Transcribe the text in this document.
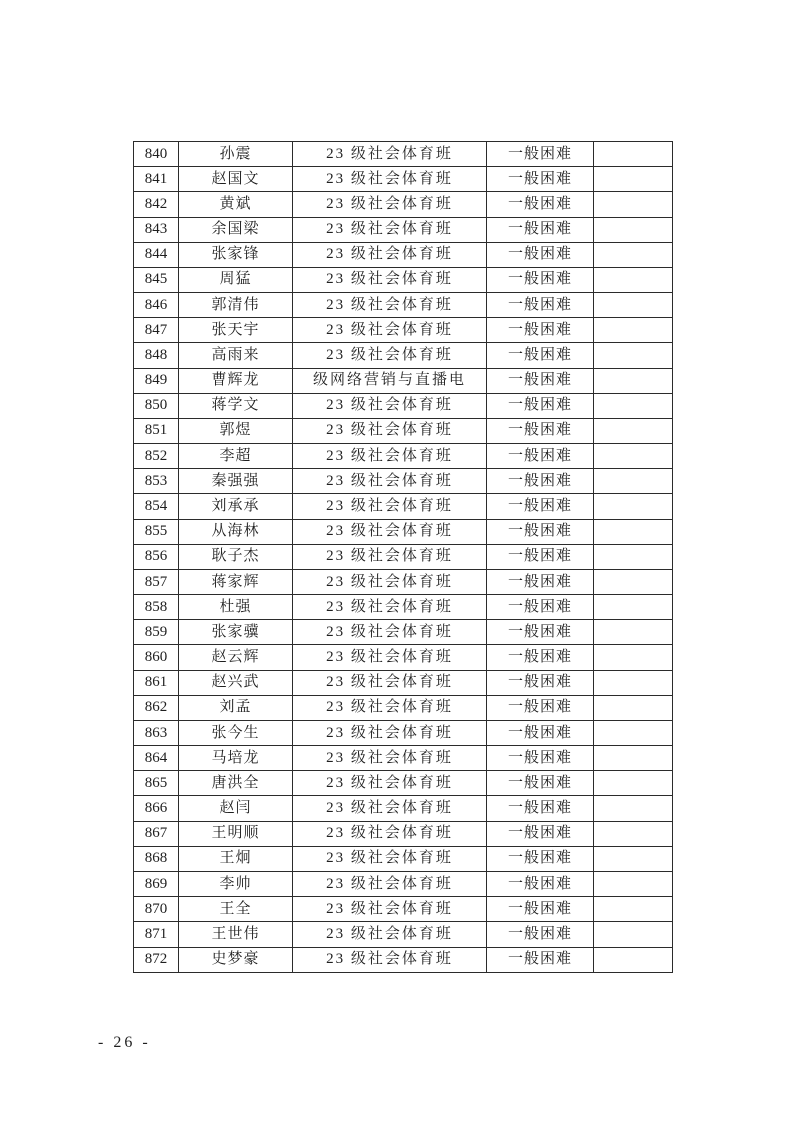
840	孙震	23 级社会体育班	一般困难	
841	赵国文	23 级社会体育班	一般困难	
842	黄斌	23 级社会体育班	一般困难	
843	余国梁	23 级社会体育班	一般困难	
844	张家锋	23 级社会体育班	一般困难	
845	周猛	23 级社会体育班	一般困难	
846	郭清伟	23 级社会体育班	一般困难	
847	张天宇	23 级社会体育班	一般困难	
848	高雨来	23 级社会体育班	一般困难	
849	曹辉龙	级网络营销与直播电	一般困难	
850	蒋学文	23 级社会体育班	一般困难	
851	郭煜	23 级社会体育班	一般困难	
852	李超	23 级社会体育班	一般困难	
853	秦强强	23 级社会体育班	一般困难	
854	刘承承	23 级社会体育班	一般困难	
855	从海林	23 级社会体育班	一般困难	
856	耿子杰	23 级社会体育班	一般困难	
857	蒋家辉	23 级社会体育班	一般困难	
858	杜强	23 级社会体育班	一般困难	
859	张家骥	23 级社会体育班	一般困难	
860	赵云辉	23 级社会体育班	一般困难	
861	赵兴武	23 级社会体育班	一般困难	
862	刘孟	23 级社会体育班	一般困难	
863	张今生	23 级社会体育班	一般困难	
864	马培龙	23 级社会体育班	一般困难	
865	唐洪全	23 级社会体育班	一般困难	
866	赵闫	23 级社会体育班	一般困难	
867	王明顺	23 级社会体育班	一般困难	
868	王炯	23 级社会体育班	一般困难	
869	李帅	23 级社会体育班	一般困难	
870	王全	23 级社会体育班	一般困难	
871	王世伟	23 级社会体育班	一般困难	
872	史梦豪	23 级社会体育班	一般困难	
- 26 -
